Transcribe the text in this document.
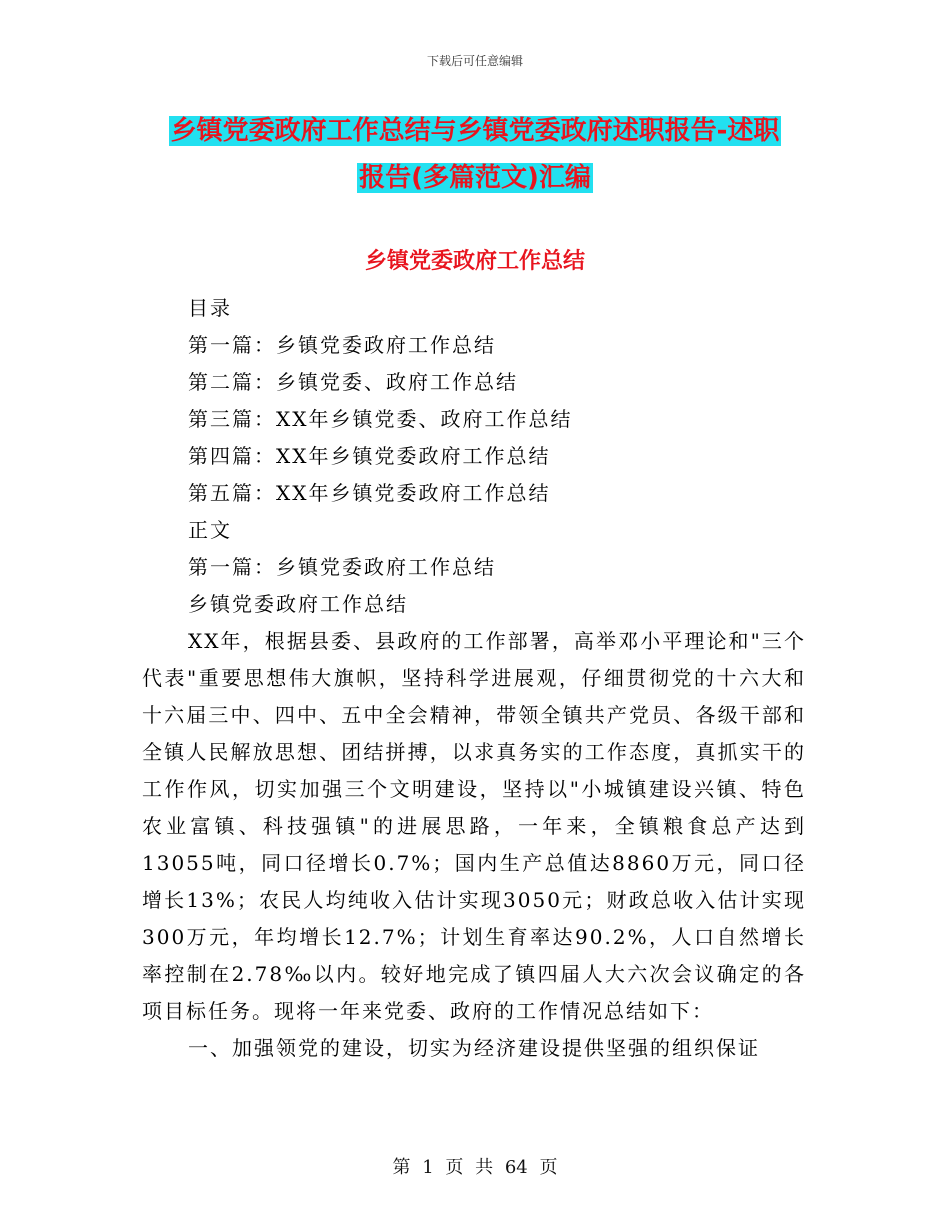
下载后可任意编辑
乡镇党委政府工作总结与乡镇党委政府述职报告-述职
报告(多篇范文)汇编
乡镇党委政府工作总结
目录
第一篇：乡镇党委政府工作总结
第二篇：乡镇党委、政府工作总结
第三篇：XX年乡镇党委、政府工作总结
第四篇：XX年乡镇党委政府工作总结
第五篇：XX年乡镇党委政府工作总结
正文
第一篇：乡镇党委政府工作总结
乡镇党委政府工作总结

XX年，根据县委、县政府的工作部署，高举邓小平理论和"三个代表"重要思想伟大旗帜，坚持科学进展观，仔细贯彻党的十六大和十六届三中、四中、五中全会精神，带领全镇共产党员、各级干部和全镇人民解放思想、团结拼搏，以求真务实的工作态度，真抓实干的工作作风，切实加强三个文明建设，坚持以"小城镇建设兴镇、特色农业富镇、科技强镇"的进展思路，一年来，全镇粮食总产达到13055吨，同口径增长0.7%；国内生产总值达8860万元，同口径增长13%；农民人均纯收入估计实现3050元；财政总收入估计实现300万元，年均增长12.7%；计划生育率达90.2%，人口自然增长率控制在2.78‰以内。较好地完成了镇四届人大六次会议确定的各项目标任务。现将一年来党委、政府的工作情况总结如下：

一、加强领党的建设，切实为经济建设提供坚强的组织保证
第 1 页 共 64 页
